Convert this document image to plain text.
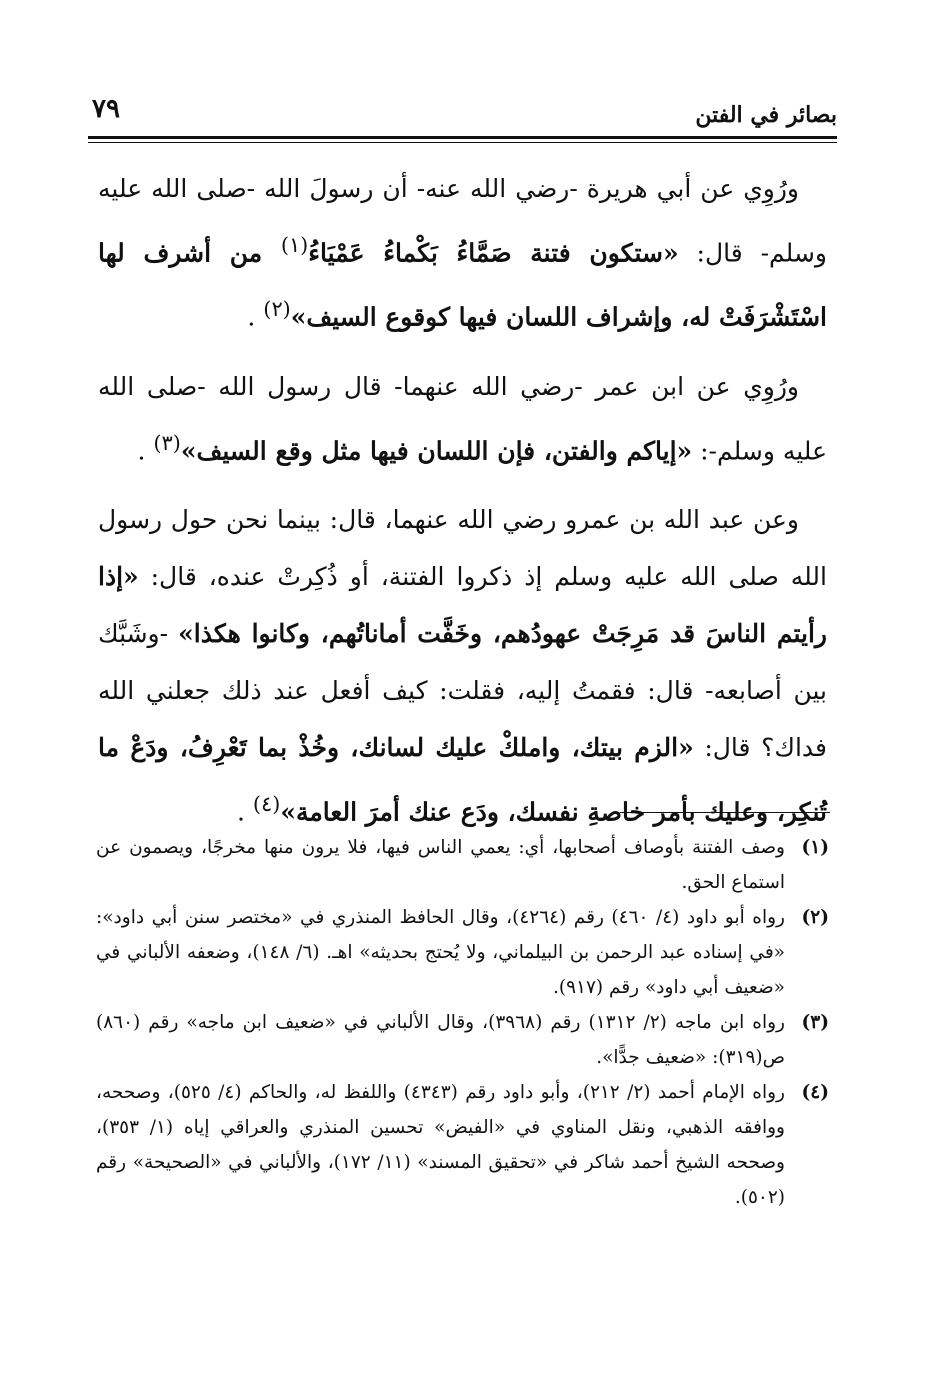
بصائر في الفتن
٧٩

ورُوِي عن أبي هريرة -رضي الله عنه- أن رسولَ الله -صلى الله عليه وسلم- قال: «ستكون فتنة صَمَّاءُ بَكْماءُ عَمْيَاءُ$^{(١)}$ من أشرف لها اسْتَشْرَفَتْ له، وإشراف اللسان فيها كوقوع السيف»$^{(٢)}$ .

ورُوِي عن ابن عمر -رضي الله عنهما- قال رسول الله -صلى الله عليه وسلم-: «إياكم والفتن، فإن اللسان فيها مثل وقع السيف»$^{(٣)}$ .

وعن عبد الله بن عمرو رضي الله عنهما، قال: بينما نحن حول رسول الله صلى الله عليه وسلم إذ ذكروا الفتنة، أو ذُكِرتْ عنده، قال: «إذا رأيتم الناسَ قد مَرِجَتْ عهودُهم، وخَفَّت أماناتُهم، وكانوا هكذا» -وشَبَّك بين أصابعه- قال: فقمتُ إليه، فقلت: كيف أفعل عند ذلك جعلني الله فداك؟ قال: «الزم بيتك، واملكْ عليك لسانك، وخُذْ بما تَعْرِفُ، ودَعْ ما تُنكِر، وعليك بأمر خاصةِ نفسك، ودَع عنك أمرَ العامة»$^{(٤)}$ .

(١)
وصف الفتنة بأوصاف أصحابها، أي: يعمي الناس فيها، فلا يرون منها مخرجًا، ويصمون عن استماع الحق.

(٢)
رواه أبو داود (٤/ ٤٦٠) رقم (٤٢٦٤)، وقال الحافظ المنذري في «مختصر سنن أبي داود»: «في إسناده عبد الرحمن بن البيلماني، ولا يُحتج بحديثه» اهـ. (٦/ ١٤٨)، وضعفه الألباني في «ضعيف أبي داود» رقم (٩١٧).

(٣)
رواه ابن ماجه (٢/ ١٣١٢) رقم (٣٩٦٨)، وقال الألباني في «ضعيف ابن ماجه» رقم (٨٦٠) ص(٣١٩): «ضعيف جدًّا».

(٤)
رواه الإمام أحمد (٢/ ٢١٢)، وأبو داود رقم (٤٣٤٣) واللفظ له، والحاكم (٤/ ٥٢٥)، وصححه، ووافقه الذهبي، ونقل المناوي في «الفيض» تحسين المنذري والعراقي إياه (١/ ٣٥٣)، وصححه الشيخ أحمد شاكر في «تحقيق المسند» (١١/ ١٧٢)، والألباني في «الصحيحة» رقم (٥٠٢).
